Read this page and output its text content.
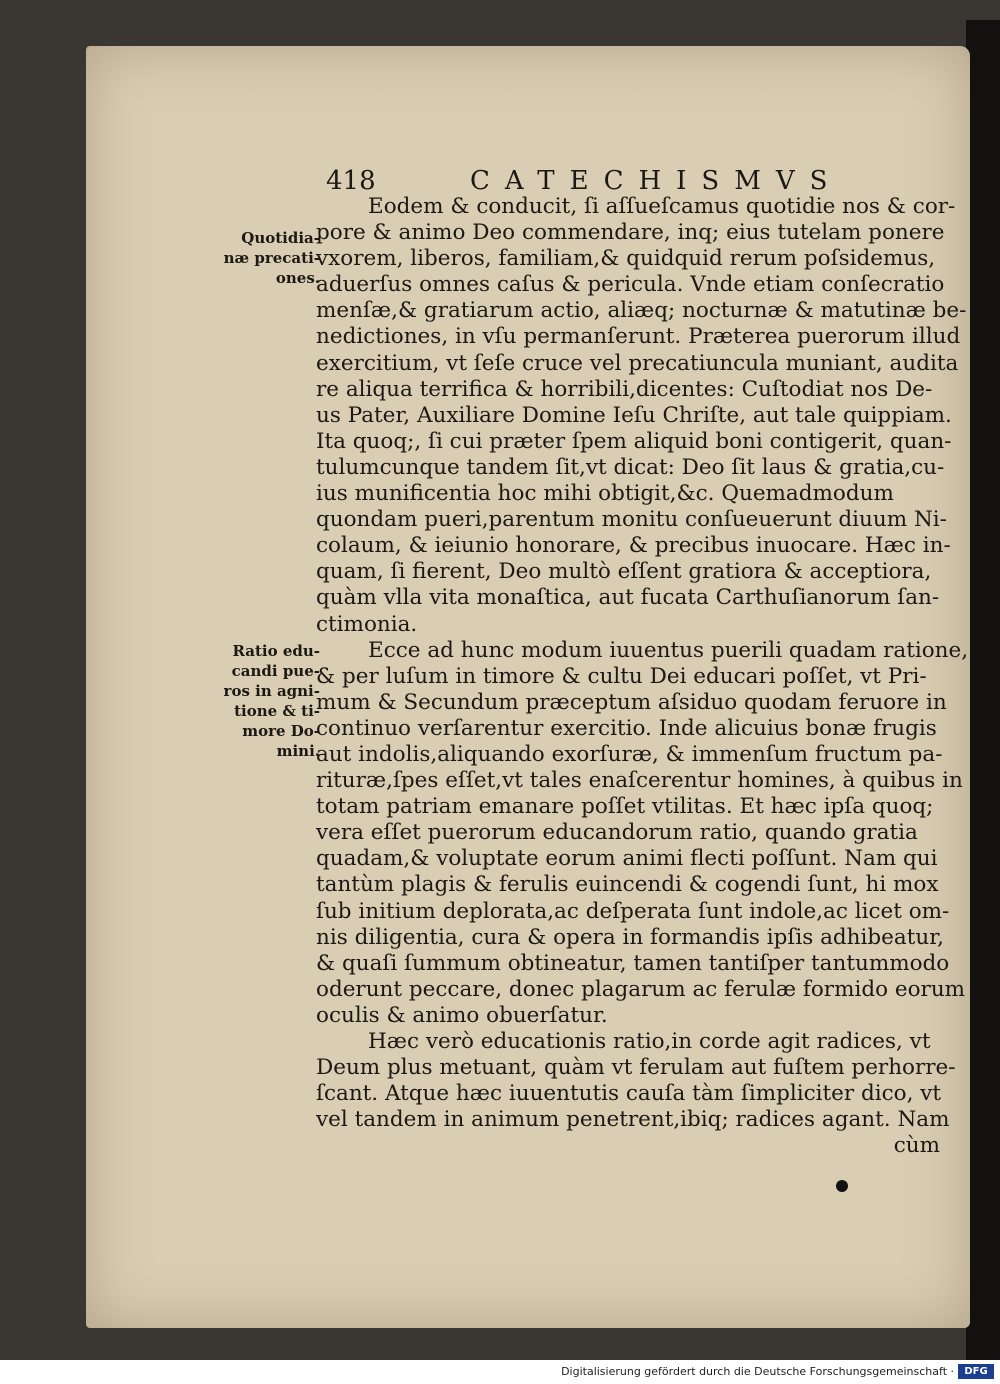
418	CATECHISMVS
Quotidia-
næ precati-
ones.
Ratio edu-
candi pue-
ros in agni-
tione & ti-
more Do-
mini.
Eodem & conducit, ſi aſſueſcamus quotidie nos & cor-
pore & animo Deo commendare, inq; eius tutelam ponere
vxorem, liberos, familiam,& quidquid rerum poſsidemus,
aduerſus omnes caſus & pericula. Vnde etiam conſecratio
menſæ,& gratiarum actio, aliæq; nocturnæ & matutinæ be-
nedictiones, in vſu permanſerunt. Præterea puerorum illud
exercitium, vt ſeſe cruce vel precatiuncula muniant, audita
re aliqua terrifica & horribili,dicentes: Cuſtodiat nos De-
us Pater, Auxiliare Domine Ieſu Chriſte, aut tale quippiam.
Ita quoq;, ſi cui præter ſpem aliquid boni contigerit, quan-
tulumcunque tandem ſit,vt dicat: Deo ſit laus & gratia,cu-
ius munificentia hoc mihi obtigit,&c. Quemadmodum
quondam pueri,parentum monitu conſueuerunt diuum Ni-
colaum, & ieiunio honorare, & precibus inuocare. Hæc in-
quam, ſi fierent, Deo multò eſſent gratiora & acceptiora,
quàm vlla vita monaſtica, aut fucata Carthuſianorum ſan-
ctimonia.
Ecce ad hunc modum iuuentus puerili quadam ratione,
& per luſum in timore & cultu Dei educari poſſet, vt Pri-
mum & Secundum præceptum aſsiduo quodam feruore in
continuo verſarentur exercitio. Inde alicuius bonæ frugis
aut indolis,aliquando exorſuræ, & immenſum fructum pa-
rituræ,ſpes eſſet,vt tales enaſcerentur homines, à quibus in
totam patriam emanare poſſet vtilitas. Et hæc ipſa quoq;
vera eſſet puerorum educandorum ratio, quando gratia
quadam,& voluptate eorum animi flecti poſſunt. Nam qui
tantùm plagis & ferulis euincendi & cogendi ſunt, hi mox
ſub initium deplorata,ac deſperata ſunt indole,ac licet om-
nis diligentia, cura & opera in formandis ipſis adhibeatur,
& quaſi ſummum obtineatur, tamen tantiſper tantummodo
oderunt peccare, donec plagarum ac ferulæ formido eorum
oculis & animo obuerſatur.
Hæc verò educationis ratio,in corde agit radices, vt
Deum plus metuant, quàm vt ferulam aut fuſtem perhorre-
ſcant. Atque hæc iuuentutis cauſa tàm ſimpliciter dico, vt
vel tandem in animum penetrent,ibiq; radices agant. Nam
cùm
Digitalisierung gefördert durch die Deutsche Forschungsgemeinschaft ·	DFG
